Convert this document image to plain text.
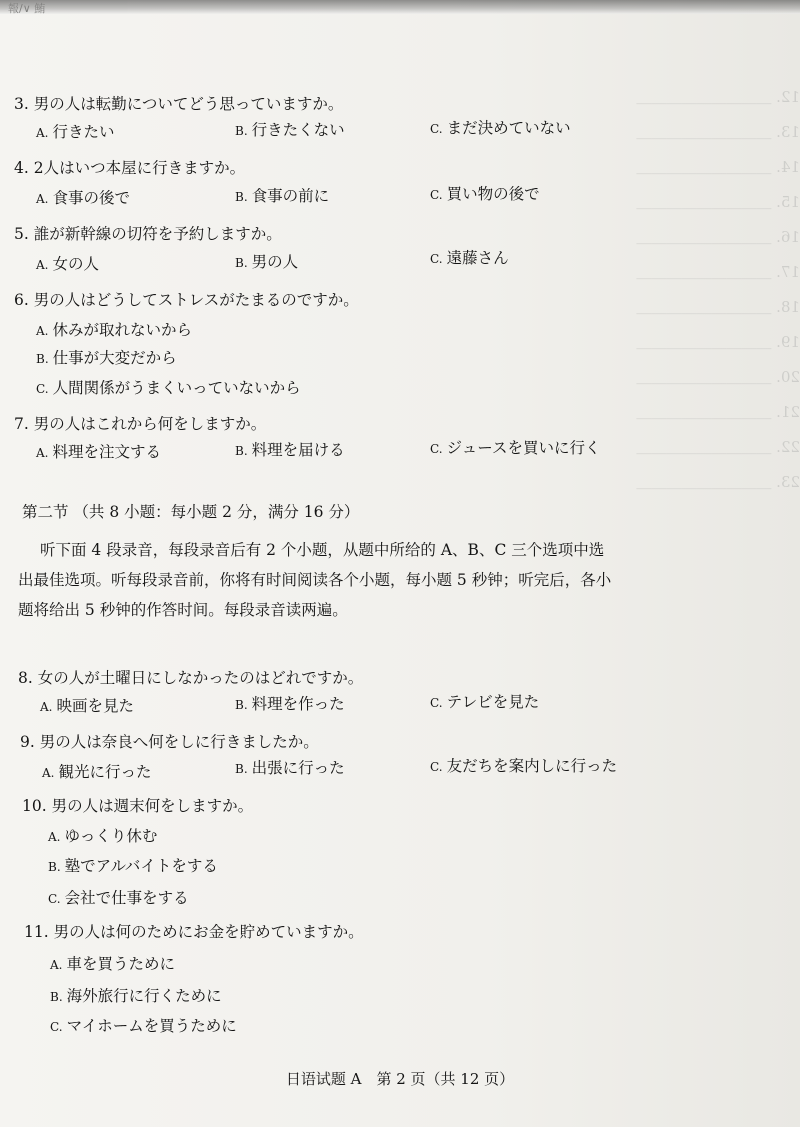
報/∨ 鮪
12. ＿＿＿＿＿＿＿＿＿
13. ＿＿＿＿＿＿＿＿＿
14. ＿＿＿＿＿＿＿＿＿
15. ＿＿＿＿＿＿＿＿＿
16. ＿＿＿＿＿＿＿＿＿
17. ＿＿＿＿＿＿＿＿＿
18. ＿＿＿＿＿＿＿＿＿
19. ＿＿＿＿＿＿＿＿＿
20. ＿＿＿＿＿＿＿＿＿
21. ＿＿＿＿＿＿＿＿＿
22. ＿＿＿＿＿＿＿＿＿
23. ＿＿＿＿＿＿＿＿＿
3. 男の人は転勤についてどう思っていますか。
A. 行きたい	B. 行きたくない	C. まだ決めていない
4. 2人はいつ本屋に行きますか。
A. 食事の後で	B. 食事の前に	C. 買い物の後で
5. 誰が新幹線の切符を予約しますか。
A. 女の人	B. 男の人	C. 遠藤さん
6. 男の人はどうしてストレスがたまるのですか。
A. 休みが取れないから
B. 仕事が大変だから
C. 人間関係がうまくいっていないから
7. 男の人はこれから何をしますか。
A. 料理を注文する	B. 料理を届ける	C. ジュースを買いに行く
第二节 （共 8 小题：每小题 2 分，满分 16 分）
听下面 4 段录音，每段录音后有 2 个小题，从题中所给的 A、B、C 三个选项中选
出最佳选项。听每段录音前，你将有时间阅读各个小题，每小题 5 秒钟；听完后，各小
题将给出 5 秒钟的作答时间。每段录音读两遍。
8. 女の人が土曜日にしなかったのはどれですか。
A. 映画を見た	B. 料理を作った	C. テレビを見た
9. 男の人は奈良へ何をしに行きましたか。
A. 観光に行った	B. 出張に行った	C. 友だちを案内しに行った
10. 男の人は週末何をしますか。
A. ゆっくり休む
B. 塾でアルバイトをする
C. 会社で仕事をする
11. 男の人は何のためにお金を貯めていますか。
A. 車を買うために
B. 海外旅行に行くために
C. マイホームを買うために
日语试题 A　第 2 页（共 12 页）
